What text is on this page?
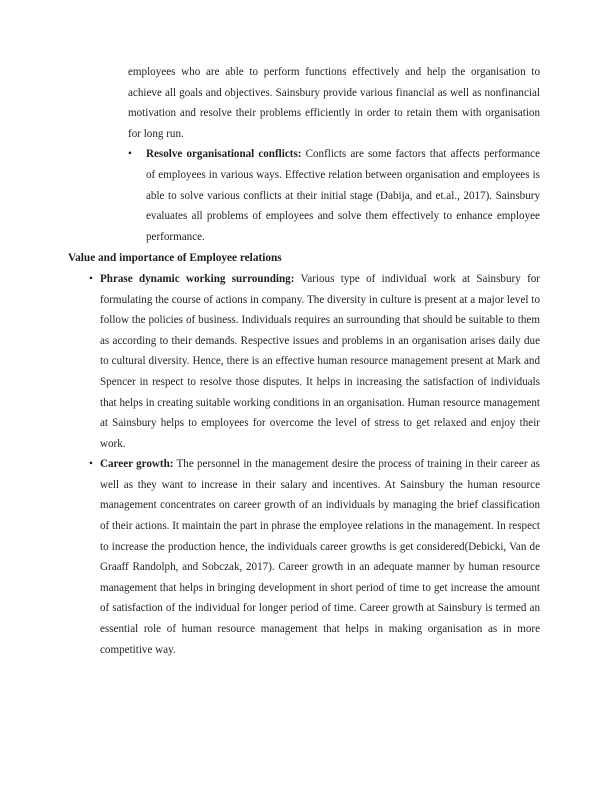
employees who are able to perform functions effectively and help the organisation to achieve all goals and objectives. Sainsbury provide various financial as well as nonfinancial motivation and resolve their problems efficiently in order to retain them with organisation for long run.

• Resolve organisational conflicts: Conflicts are some factors that affects performance of employees in various ways. Effective relation between organisation and employees is able to solve various conflicts at their initial stage (Dabija, and et.al., 2017). Sainsbury evaluates all problems of employees and solve them effectively to enhance employee performance.

Value and importance of Employee relations
• Phrase dynamic working surrounding: Various type of individual work at Sainsbury for formulating the course of actions in company. The diversity in culture is present at a major level to follow the policies of business. Individuals requires an surrounding that should be suitable to them as according to their demands. Respective issues and problems in an organisation arises daily due to cultural diversity. Hence, there is an effective human resource management present at Mark and Spencer in respect to resolve those disputes. It helps in increasing the satisfaction of individuals that helps in creating suitable working conditions in an organisation. Human resource management at Sainsbury helps to employees for overcome the level of stress to get relaxed and enjoy their work.

• Career growth: The personnel in the management desire the process of training in their career as well as they want to increase in their salary and incentives. At Sainsbury the human resource management concentrates on career growth of an individuals by managing the brief classification of their actions. It maintain the part in phrase the employee relations in the management. In respect to increase the production hence, the individuals career growths is get considered(Debicki, Van de Graaff Randolph, and Sobczak, 2017). Career growth in an adequate manner by human resource management that helps in bringing development in short period of time to get increase the amount of satisfaction of the individual for longer period of time. Career growth at Sainsbury is termed an essential role of human resource management that helps in making organisation as in more competitive way.
